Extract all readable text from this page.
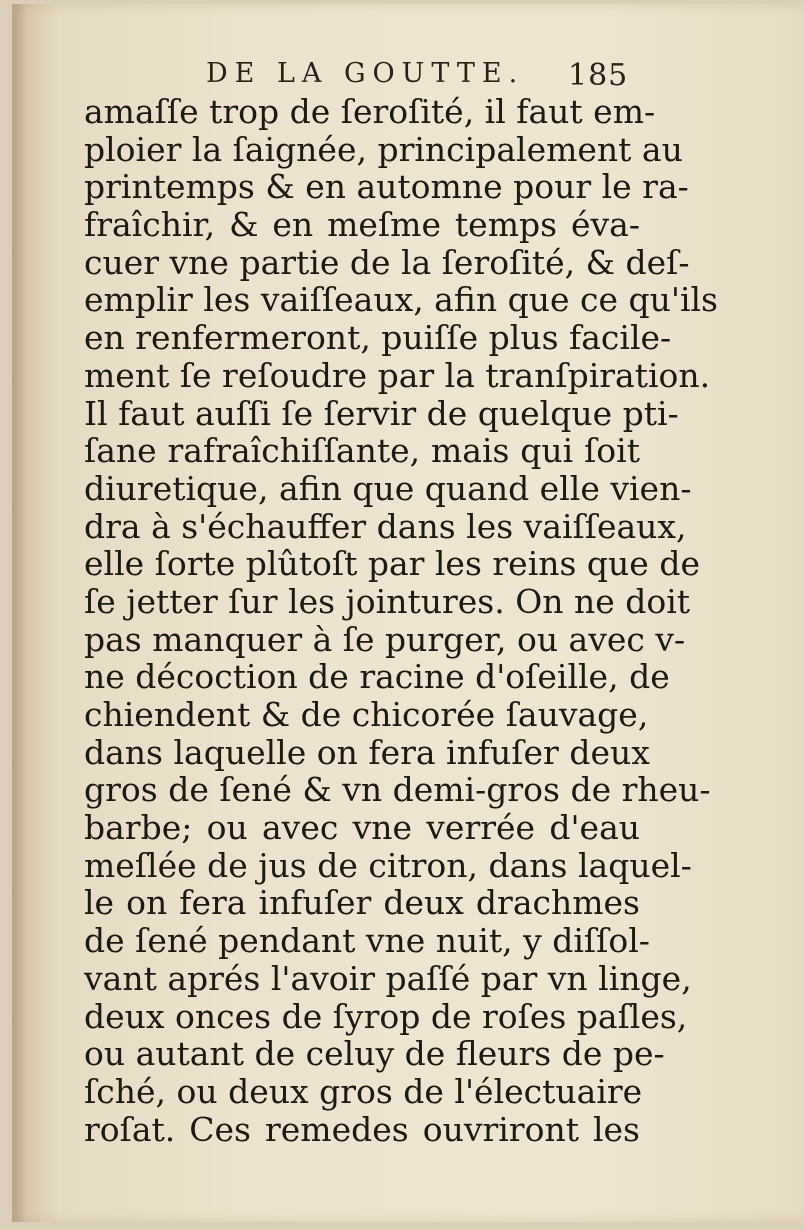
DE LA GOUTTE. 185
amaſſe trop de ſeroſité, il faut em-
ploier la ſaignée, principalement au
printemps & en automne pour le ra-
fraîchir, & en meſme temps éva-
cuer vne partie de la ſeroſité, & deſ-
emplir les vaiſſeaux, afin que ce qu'ils
en renfermeront, puiſſe plus facile-
ment ſe reſoudre par la tranſpiration.
Il faut auſſi ſe ſervir de quelque pti-
ſane rafraîchiſſante, mais qui ſoit
diuretique, afin que quand elle vien-
dra à s'échauffer dans les vaiſſeaux,
elle ſorte plûtoſt par les reins que de
ſe jetter ſur les jointures. On ne doit
pas manquer à ſe purger, ou avec v-
ne décoction de racine d'oſeille, de
chiendent & de chicorée ſauvage,
dans laquelle on fera infuſer deux
gros de ſené & vn demi-gros de rheu-
barbe; ou avec vne verrée d'eau
meſlée de jus de citron, dans laquel-
le on fera infuſer deux drachmes
de ſené pendant vne nuit, y diſſol-
vant aprés l'avoir paſſé par vn linge,
deux onces de ſyrop de roſes paſles,
ou autant de celuy de fleurs de pe-
ſché, ou deux gros de l'électuaire
roſat. Ces remedes ouvriront les
